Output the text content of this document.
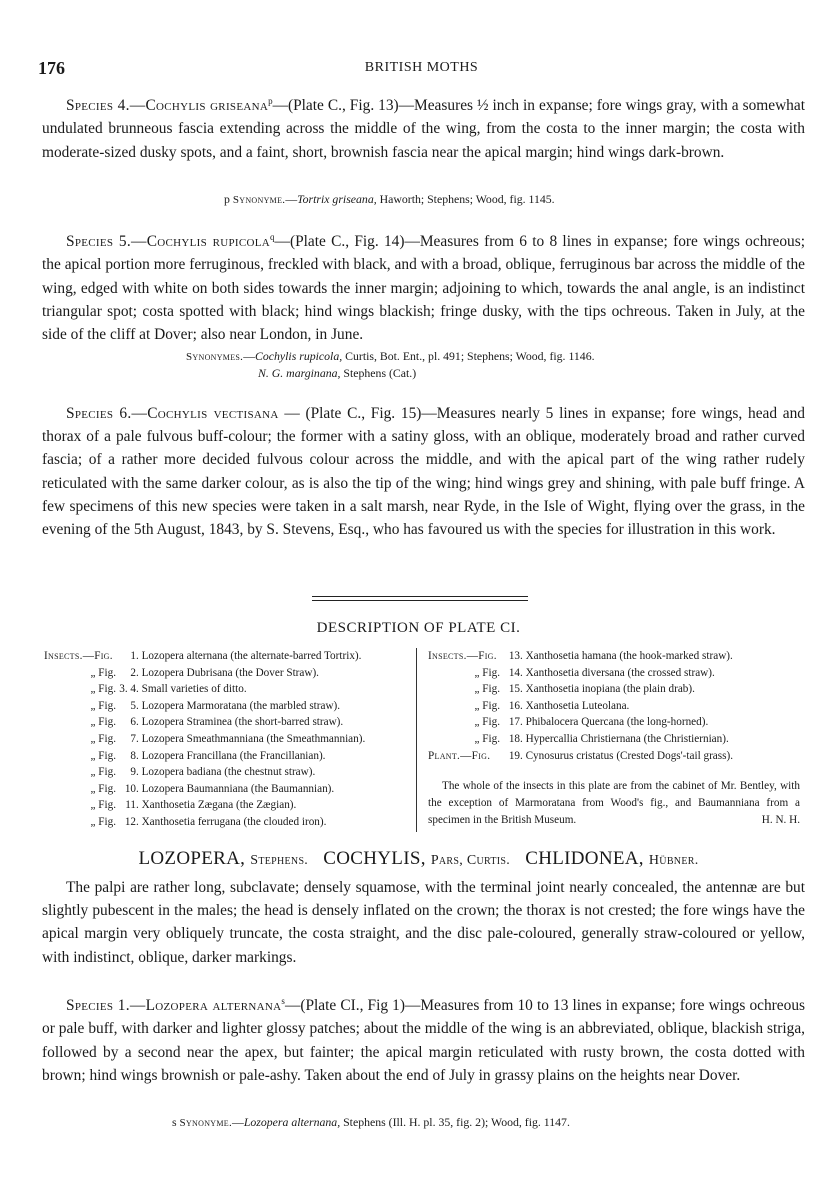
176	BRITISH MOTHS

Species 4.—Cochylis griseana$^p$—(Plate C., Fig. 13)—Measures ½ inch in expanse; fore wings gray, with a somewhat undulated brunneous fascia extending across the middle of the wing, from the costa to the inner margin; the costa with moderate-sized dusky spots, and a faint, short, brownish fascia near the apical margin; hind wings dark-brown.

p Synonyme.—Tortrix griseana, Haworth; Stephens; Wood, fig. 1145.

Species 5.—Cochylis rupicola$^q$—(Plate C., Fig. 14)—Measures from 6 to 8 lines in expanse; fore wings ochreous; the apical portion more ferruginous, freckled with black, and with a broad, oblique, ferruginous bar across the middle of the wing, edged with white on both sides towards the inner margin; adjoining to which, towards the anal angle, is an indistinct triangular spot; costa spotted with black; hind wings blackish; fringe dusky, with the tips ochreous. Taken in July, at the side of the cliff at Dover; also near London, in June.

Synonymes.—Cochylis rupicola, Curtis, Bot. Ent., pl. 491; Stephens; Wood, fig. 1146.
N. G. marginana, Stephens (Cat.)

Species 6.—Cochylis vectisana — (Plate C., Fig. 15)—Measures nearly 5 lines in expanse; fore wings, head and thorax of a pale fulvous buff-colour; the former with a satiny gloss, with an oblique, moderately broad and rather curved fascia; of a rather more decided fulvous colour across the middle, and with the apical part of the wing rather rudely reticulated with the same darker colour, as is also the tip of the wing; hind wings grey and shining, with pale buff fringe. A few specimens of this new species were taken in a salt marsh, near Ryde, in the Isle of Wight, flying over the grass, in the evening of the 5th August, 1843, by S. Stevens, Esq., who has favoured us with the species for illustration in this work.

DESCRIPTION OF PLATE CI.
Insects.—Fig. 1. Lozopera alternana (the alternate-barred Tortrix).
„ Fig. 2. Lozopera Dubrisana (the Dover Straw).
„ Fig. 3. 4. Small varieties of ditto.
„ Fig. 5. Lozopera Marmoratana (the marbled straw).
„ Fig. 6. Lozopera Straminea (the short-barred straw).
„ Fig. 7. Lozopera Smeathmanniana (the Smeathmannian).
„ Fig. 8. Lozopera Francillana (the Francillanian).
„ Fig. 9. Lozopera badiana (the chestnut straw).
„ Fig. 10. Lozopera Baumanniana (the Baumannian).
„ Fig. 11. Xanthosetia Zægana (the Zægian).
„ Fig. 12. Xanthosetia ferrugana (the clouded iron).
Insects.—Fig. 13. Xanthosetia hamana (the hook-marked straw).
„ Fig. 14. Xanthosetia diversana (the crossed straw).
„ Fig. 15. Xanthosetia inopiana (the plain drab).
„ Fig. 16. Xanthosetia Luteolana.
„ Fig. 17. Phibalocera Quercana (the long-horned).
„ Fig. 18. Hypercallia Christiernana (the Christiernian).
Plant.—Fig. 19. Cynosurus cristatus (Crested Dogs'-tail grass).
The whole of the insects in this plate are from the cabinet of Mr. Bentley, with the exception of Marmoratana from Wood's fig., and Baumanniana from a specimen in the British Museum.	H. N. H.
LOZOPERA, Stephens. COCHYLIS, Pars, Curtis. CHLIDONEA, Hübner.

The palpi are rather long, subclavate; densely squamose, with the terminal joint nearly concealed, the antennæ are but slightly pubescent in the males; the head is densely inflated on the crown; the thorax is not crested; the fore wings have the apical margin very obliquely truncate, the costa straight, and the disc pale-coloured, generally straw-coloured or yellow, with indistinct, oblique, darker markings.

Species 1.—Lozopera alternana$^s$—(Plate CI., Fig 1)—Measures from 10 to 13 lines in expanse; fore wings ochreous or pale buff, with darker and lighter glossy patches; about the middle of the wing is an abbreviated, oblique, blackish striga, followed by a second near the apex, but fainter; the apical margin reticulated with rusty brown, the costa dotted with brown; hind wings brownish or pale-ashy. Taken about the end of July in grassy plains on the heights near Dover.

s Synonyme.—Lozopera alternana, Stephens (Ill. H. pl. 35, fig. 2); Wood, fig. 1147.
